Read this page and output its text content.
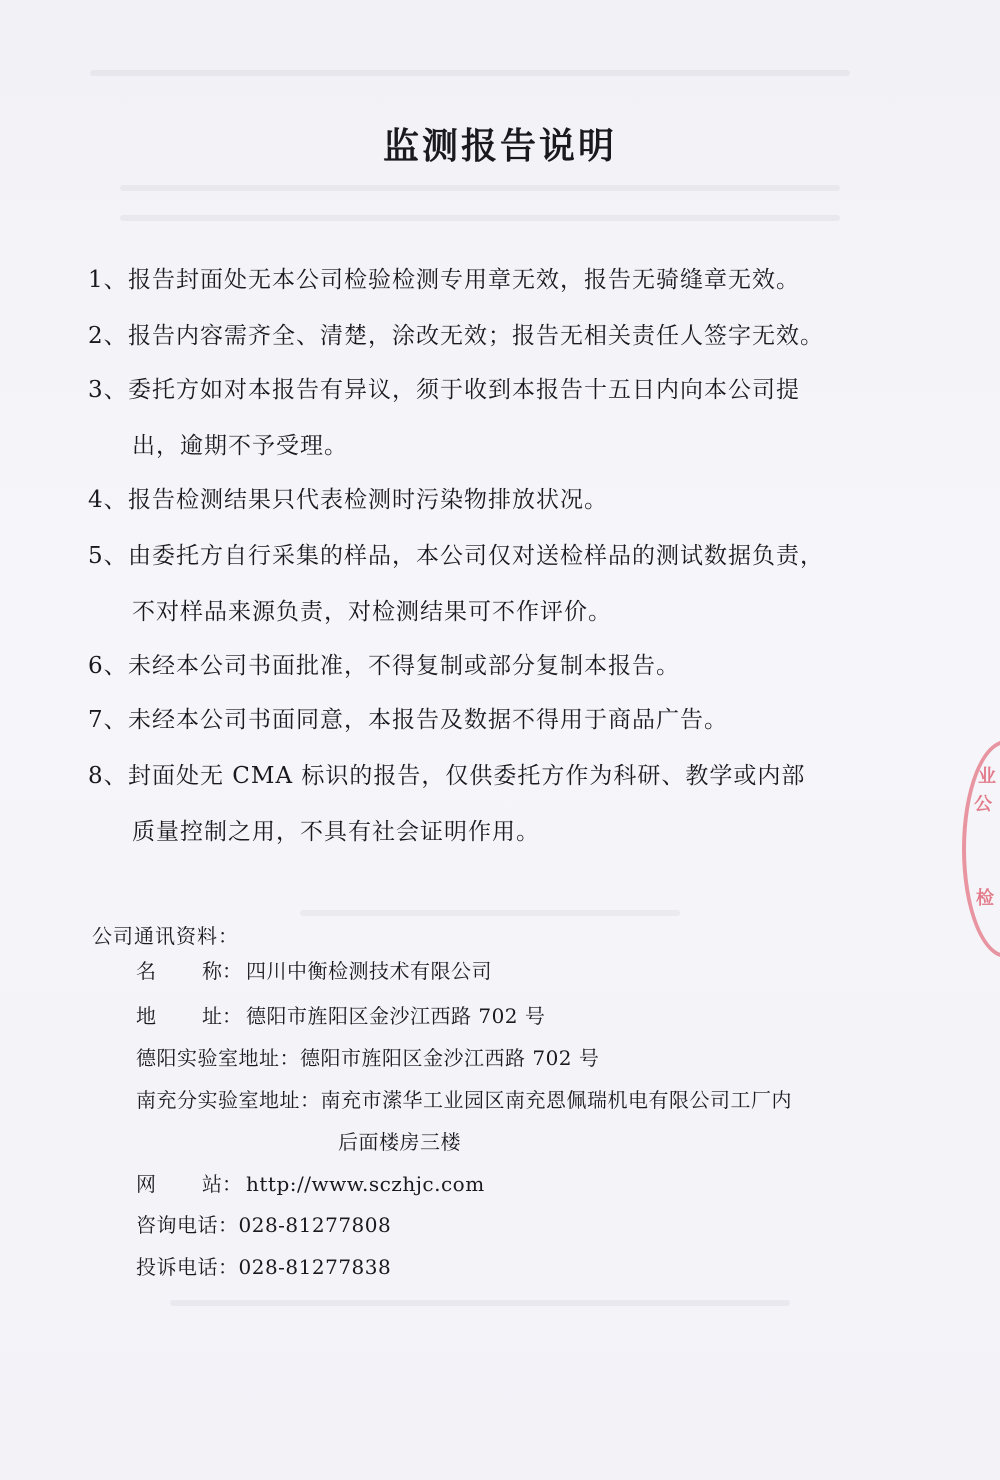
监测报告说明
1、报告封面处无本公司检验检测专用章无效，报告无骑缝章无效。
2、报告内容需齐全、清楚，涂改无效；报告无相关责任人签字无效。
3、委托方如对本报告有异议，须于收到本报告十五日内向本公司提
出，逾期不予受理。
4、报告检测结果只代表检测时污染物排放状况。
5、由委托方自行采集的样品，本公司仅对送检样品的测试数据负责，
不对样品来源负责，对检测结果可不作评价。
6、未经本公司书面批准，不得复制或部分复制本报告。
7、未经本公司书面同意，本报告及数据不得用于商品广告。
8、封面处无 CMA 标识的报告，仅供委托方作为科研、教学或内部
质量控制之用，不具有社会证明作用。
公司通讯资料：
名 称： 四川中衡检测技术有限公司
地 址： 德阳市旌阳区金沙江西路 702 号
德阳实验室地址：德阳市旌阳区金沙江西路 702 号
南充分实验室地址：南充市潆华工业园区南充恩佩瑞机电有限公司工厂内
后面楼房三楼
网 站： http://www.sczhjc.com
咨询电话：028-81277808
投诉电话：028-81277838
业
公
检
